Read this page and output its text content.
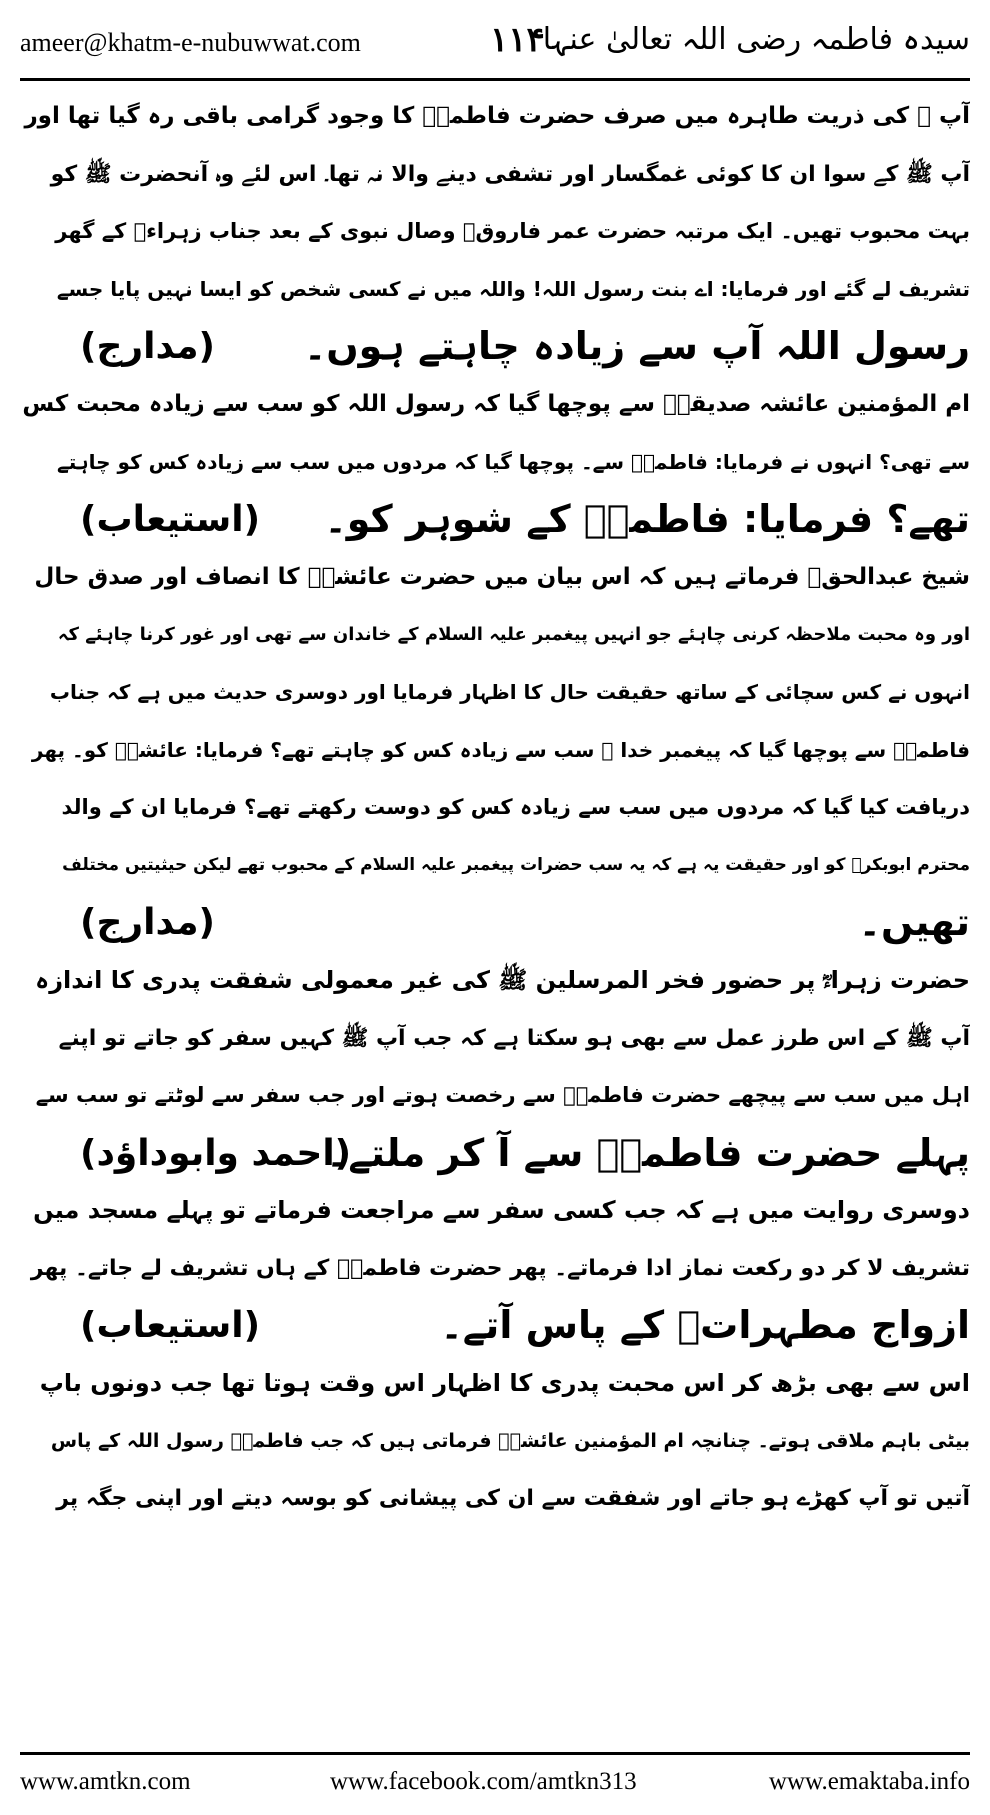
ameer@khatm-e-nubuwwat.com	۱۱۴
سیدہ فاطمہ رضی اللہ تعالیٰ عنہا
آپ ﷺ کی ذریت طاہرہ میں صرف حضرت فاطمہؓ کا وجود گرامی باقی رہ گیا تھا اور
آپ ﷺ کے سوا ان کا کوئی غمگسار اور تشفی دینے والا نہ تھا۔ اس لئے وہ آنحضرت ﷺ کو
بہت محبوب تھیں۔ ایک مرتبہ حضرت عمر فاروقؓ وصال نبوی کے بعد جناب زہراءؓ کے گھر
تشریف لے گئے اور فرمایا: اے بنت رسول اللہ! واللہ میں نے کسی شخص کو ایسا نہیں پایا جسے
رسول اللہ آپ سے زیادہ چاہتے ہوں۔
(مدارج)
ام المؤمنین عائشہ صدیقہؓ سے پوچھا گیا کہ رسول اللہ کو سب سے زیادہ محبت کس
سے تھی؟ انہوں نے فرمایا: فاطمہؓ سے۔ پوچھا گیا کہ مردوں میں سب سے زیادہ کس کو چاہتے
تھے؟ فرمایا: فاطمہؓ کے شوہر کو۔
(استیعاب)
شیخ عبدالحقؒ فرماتے ہیں کہ اس بیان میں حضرت عائشہؓ کا انصاف اور صدق حال
اور وہ محبت ملاحظہ کرنی چاہئے جو انہیں پیغمبر علیہ السلام کے خاندان سے تھی اور غور کرنا چاہئے کہ
انہوں نے کس سچائی کے ساتھ حقیقت حال کا اظہار فرمایا اور دوسری حدیث میں ہے کہ جناب
فاطمہؓ سے پوچھا گیا کہ پیغمبر خدا ﷺ سب سے زیادہ کس کو چاہتے تھے؟ فرمایا: عائشہؓ کو۔ پھر
دریافت کیا گیا کہ مردوں میں سب سے زیادہ کس کو دوست رکھتے تھے؟ فرمایا ان کے والد
محترم ابوبکرؓ کو اور حقیقت یہ ہے کہ یہ سب حضرات پیغمبر علیہ السلام کے محبوب تھے لیکن حیثیتیں مختلف
تھیں۔
(مدارج)
حضرت زہراءؓ پر حضور فخر المرسلین ﷺ کی غیر معمولی شفقت پدری کا اندازہ
آپ ﷺ کے اس طرز عمل سے بھی ہو سکتا ہے کہ جب آپ ﷺ کہیں سفر کو جاتے تو اپنے
اہل میں سب سے پیچھے حضرت فاطمہؓ سے رخصت ہوتے اور جب سفر سے لوٹتے تو سب سے
پہلے حضرت فاطمہؓ سے آ کر ملتے۔
(احمد وابوداؤد)
دوسری روایت میں ہے کہ جب کسی سفر سے مراجعت فرماتے تو پہلے مسجد میں
تشریف لا کر دو رکعت نماز ادا فرماتے۔ پھر حضرت فاطمہؓ کے ہاں تشریف لے جاتے۔ پھر
ازواج مطہراتؓ کے پاس آتے۔
(استیعاب)
اس سے بھی بڑھ کر اس محبت پدری کا اظہار اس وقت ہوتا تھا جب دونوں باپ
بیٹی باہم ملاقی ہوتے۔ چنانچہ ام المؤمنین عائشہؓ فرماتی ہیں کہ جب فاطمہؓ رسول اللہ کے پاس
آتیں تو آپ کھڑے ہو جاتے اور شفقت سے ان کی پیشانی کو بوسہ دیتے اور اپنی جگہ پر
www.amtkn.com	www.facebook.com/amtkn313	www.emaktaba.info
